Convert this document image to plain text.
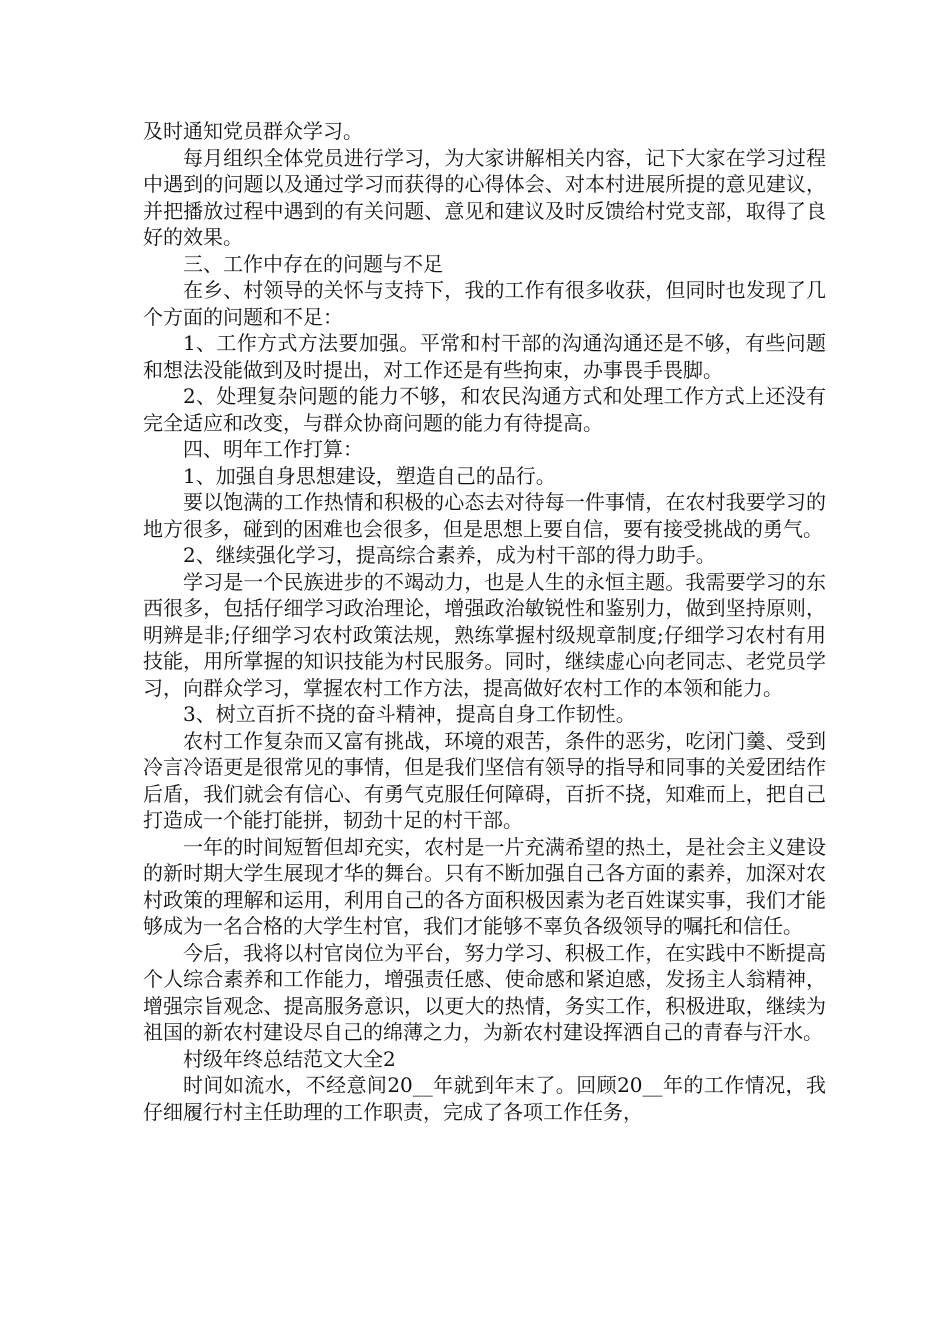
及时通知党员群众学习。

每月组织全体党员进行学习，为大家讲解相关内容，记下大家在学习过程中遇到的问题以及通过学习而获得的心得体会、对本村进展所提的意见建议，并把播放过程中遇到的有关问题、意见和建议及时反馈给村党支部，取得了良好的效果。

三、工作中存在的问题与不足

在乡、村领导的关怀与支持下，我的工作有很多收获，但同时也发现了几个方面的问题和不足：

1、工作方式方法要加强。平常和村干部的沟通沟通还是不够，有些问题和想法没能做到及时提出，对工作还是有些拘束，办事畏手畏脚。

2、处理复杂问题的能力不够，和农民沟通方式和处理工作方式上还没有完全适应和改变，与群众协商问题的能力有待提高。

四、明年工作打算：

1、加强自身思想建设，塑造自己的品行。

要以饱满的工作热情和积极的心态去对待每一件事情，在农村我要学习的地方很多，碰到的困难也会很多，但是思想上要自信，要有接受挑战的勇气。

2、继续强化学习，提高综合素养，成为村干部的得力助手。

学习是一个民族进步的不竭动力，也是人生的永恒主题。我需要学习的东西很多，包括仔细学习政治理论，增强政治敏锐性和鉴别力，做到坚持原则，明辨是非;仔细学习农村政策法规，熟练掌握村级规章制度;仔细学习农村有用技能，用所掌握的知识技能为村民服务。同时，继续虚心向老同志、老党员学习，向群众学习，掌握农村工作方法，提高做好农村工作的本领和能力。

3、树立百折不挠的奋斗精神，提高自身工作韧性。

农村工作复杂而又富有挑战，环境的艰苦，条件的恶劣，吃闭门羹、受到冷言冷语更是很常见的事情，但是我们坚信有领导的指导和同事的关爱团结作后盾，我们就会有信心、有勇气克服任何障碍，百折不挠，知难而上，把自己打造成一个能打能拼，韧劲十足的村干部。

一年的时间短暂但却充实，农村是一片充满希望的热土，是社会主义建设的新时期大学生展现才华的舞台。只有不断加强自己各方面的素养，加深对农村政策的理解和运用，利用自己的各方面积极因素为老百姓谋实事，我们才能够成为一名合格的大学生村官，我们才能够不辜负各级领导的嘱托和信任。

今后，我将以村官岗位为平台，努力学习、积极工作，在实践中不断提高个人综合素养和工作能力，增强责任感、使命感和紧迫感，发扬主人翁精神，增强宗旨观念、提高服务意识，以更大的热情，务实工作，积极进取，继续为祖国的新农村建设尽自己的绵薄之力，为新农村建设挥洒自己的青春与汗水。

村级年终总结范文大全2

时间如流水，不经意间20__年就到年末了。回顾20__年的工作情况，我仔细履行村主任助理的工作职责，完成了各项工作任务，
